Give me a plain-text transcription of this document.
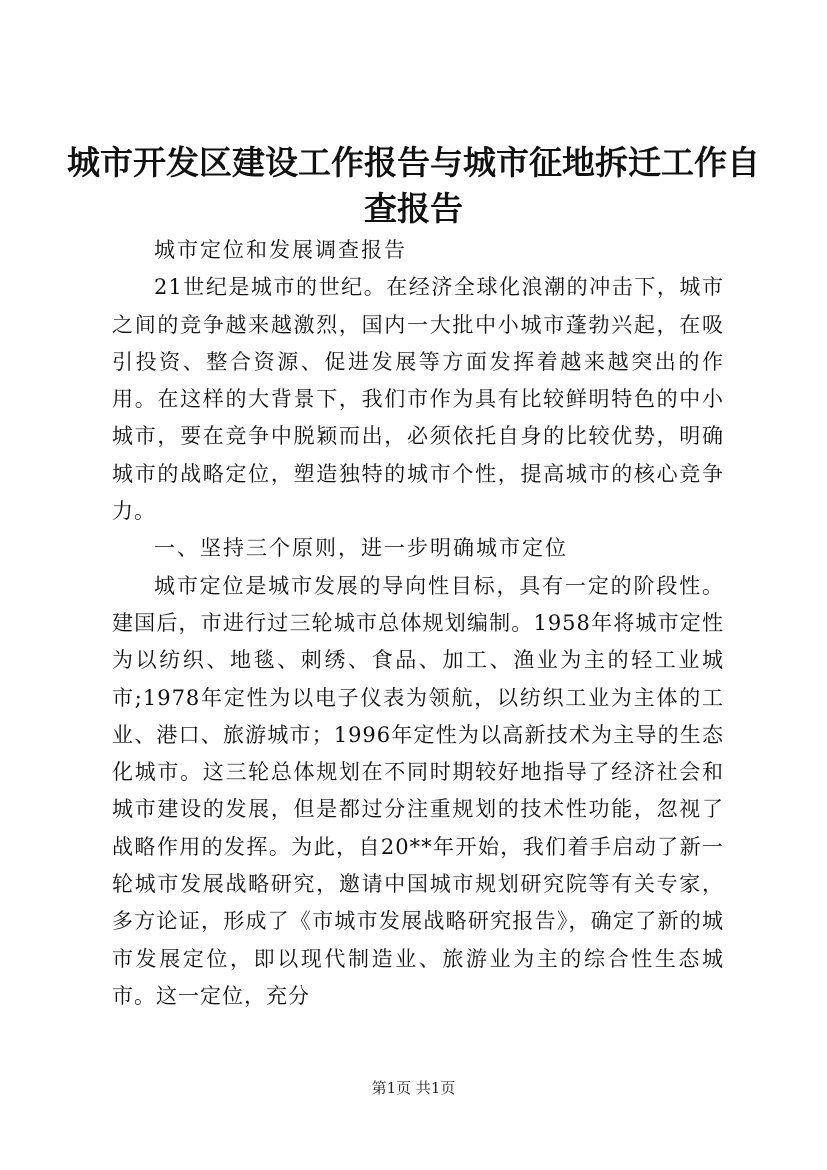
城市开发区建设工作报告与城市征地拆迁工作自查报告

城市定位和发展调查报告

21世纪是城市的世纪。在经济全球化浪潮的冲击下，城市之间的竞争越来越激烈，国内一大批中小城市蓬勃兴起，在吸引投资、整合资源、促进发展等方面发挥着越来越突出的作用。在这样的大背景下，我们市作为具有比较鲜明特色的中小城市，要在竞争中脱颖而出，必须依托自身的比较优势，明确城市的战略定位，塑造独特的城市个性，提高城市的核心竞争力。

一、坚持三个原则，进一步明确城市定位

城市定位是城市发展的导向性目标，具有一定的阶段性。建国后，市进行过三轮城市总体规划编制。1958年将城市定性为以纺织、地毯、刺绣、食品、加工、渔业为主的轻工业城市;1978年定性为以电子仪表为领航，以纺织工业为主体的工业、港口、旅游城市；1996年定性为以高新技术为主导的生态化城市。这三轮总体规划在不同时期较好地指导了经济社会和城市建设的发展，但是都过分注重规划的技术性功能，忽视了战略作用的发挥。为此，自20**年开始，我们着手启动了新一轮城市发展战略研究，邀请中国城市规划研究院等有关专家，多方论证，形成了《市城市发展战略研究报告》，确定了新的城市发展定位，即以现代制造业、旅游业为主的综合性生态城市。这一定位，充分

第1页 共1页
